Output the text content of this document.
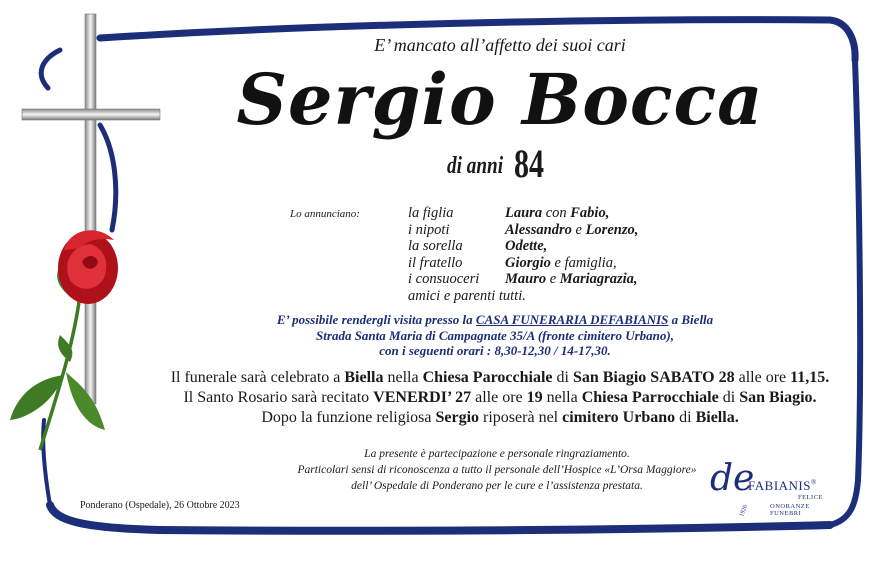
E’ mancato all’affetto dei suoi cari
Sergio Bocca
di anni 84
Lo annunciano:	la figlia	Laura con Fabio,
i nipoti	Alessandro e Lorenzo,
la sorella	Odette,
il fratello	Giorgio e famiglia,
i consuoceri	Mauro e Mariagrazia,
amici e parenti tutti.
E’ possibile rendergli visita presso la CASA FUNERARIA DEFABIANIS a Biella
Strada Santa Maria di Campagnate 35/A (fronte cimitero Urbano),
con i seguenti orari : 8,30-12,30 / 14-17,30.
Il funerale sarà celebrato a Biella nella Chiesa Parocchiale di San Biagio SABATO 28 alle ore 11,15.
Il Santo Rosario sarà recitato VENERDI’ 27 alle ore 19 nella Chiesa Parrocchiale di San Biagio.
Dopo la funzione religiosa Sergio riposerà nel cimitero Urbano di Biella.
La presente è partecipazione e personale ringraziamento.
Particolari sensi di riconoscenza a tutto il personale dell’Hospice «L’Orsa Maggiore»
dell’ Ospedale di Ponderano per le cure e l’assistenza prestata.
Ponderano (Ospedale), 26 Ottobre 2023
de
FABIANIS®
FELICE
ONORANZE FUNEBRI
1926
